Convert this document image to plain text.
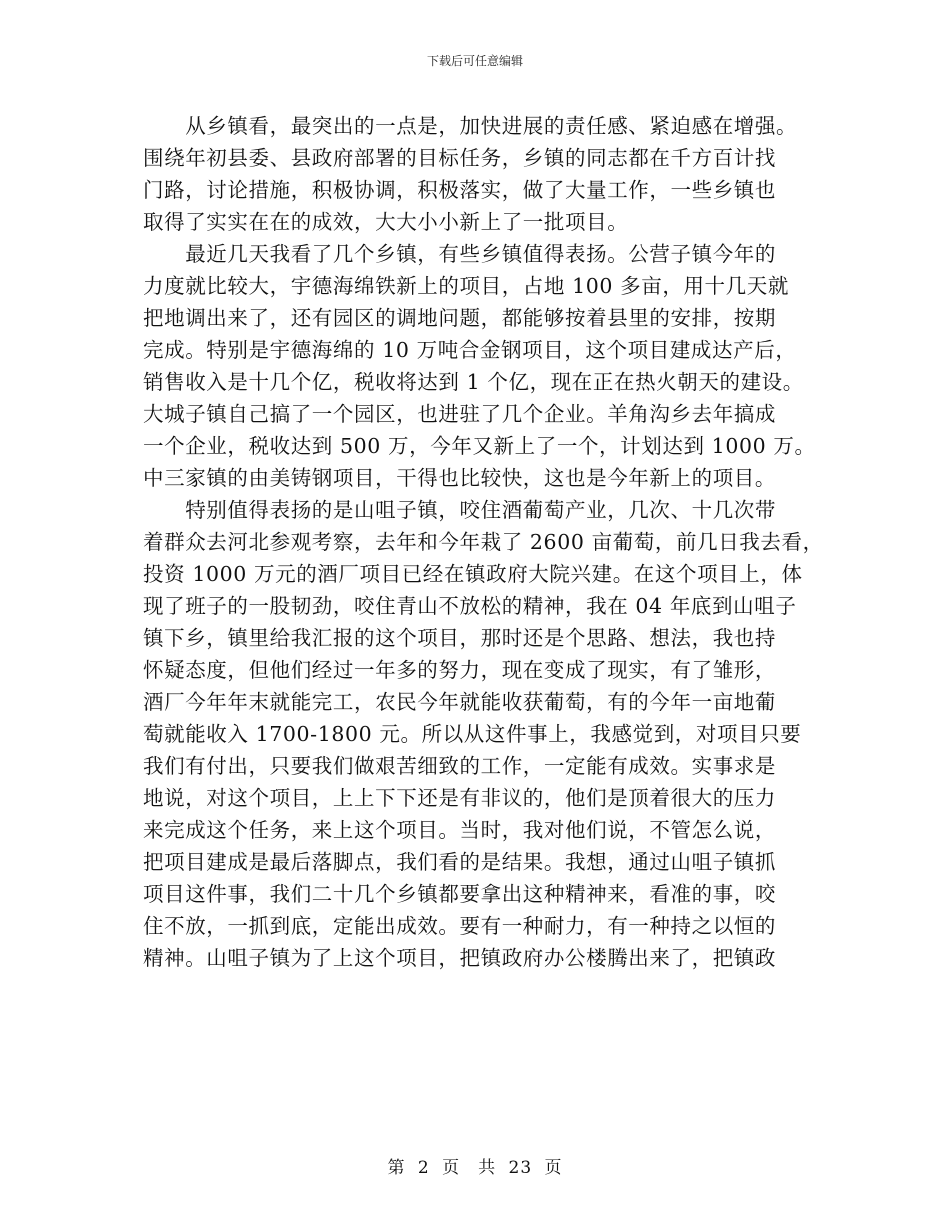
下载后可任意编辑
　　从乡镇看，最突出的一点是，加快进展的责任感、紧迫感在增强。
围绕年初县委、县政府部署的目标任务，乡镇的同志都在千方百计找
门路，讨论措施，积极协调，积极落实，做了大量工作，一些乡镇也
取得了实实在在的成效，大大小小新上了一批项目。
　　最近几天我看了几个乡镇，有些乡镇值得表扬。公营子镇今年的
力度就比较大，宇德海绵铁新上的项目，占地 100 多亩，用十几天就
把地调出来了，还有园区的调地问题，都能够按着县里的安排，按期
完成。特别是宇德海绵的 10 万吨合金钢项目，这个项目建成达产后，
销售收入是十几个亿，税收将达到 1 个亿，现在正在热火朝天的建设。
大城子镇自己搞了一个园区，也进驻了几个企业。羊角沟乡去年搞成
一个企业，税收达到 500 万，今年又新上了一个，计划达到 1000 万。
中三家镇的由美铸钢项目，干得也比较快，这也是今年新上的项目。
　　特别值得表扬的是山咀子镇，咬住酒葡萄产业，几次、十几次带
着群众去河北参观考察，去年和今年栽了 2600 亩葡萄，前几日我去看，
投资 1000 万元的酒厂项目已经在镇政府大院兴建。在这个项目上，体
现了班子的一股韧劲，咬住青山不放松的精神，我在 04 年底到山咀子
镇下乡，镇里给我汇报的这个项目，那时还是个思路、想法，我也持
怀疑态度，但他们经过一年多的努力，现在变成了现实，有了雏形，
酒厂今年年末就能完工，农民今年就能收获葡萄，有的今年一亩地葡
萄就能收入 1700-1800 元。所以从这件事上，我感觉到，对项目只要
我们有付出，只要我们做艰苦细致的工作，一定能有成效。实事求是
地说，对这个项目，上上下下还是有非议的，他们是顶着很大的压力
来完成这个任务，来上这个项目。当时，我对他们说，不管怎么说，
把项目建成是最后落脚点，我们看的是结果。我想，通过山咀子镇抓
项目这件事，我们二十几个乡镇都要拿出这种精神来，看准的事，咬
住不放，一抓到底，定能出成效。要有一种耐力，有一种持之以恒的
精神。山咀子镇为了上这个项目，把镇政府办公楼腾出来了，把镇政
第 2 页　共 23 页
